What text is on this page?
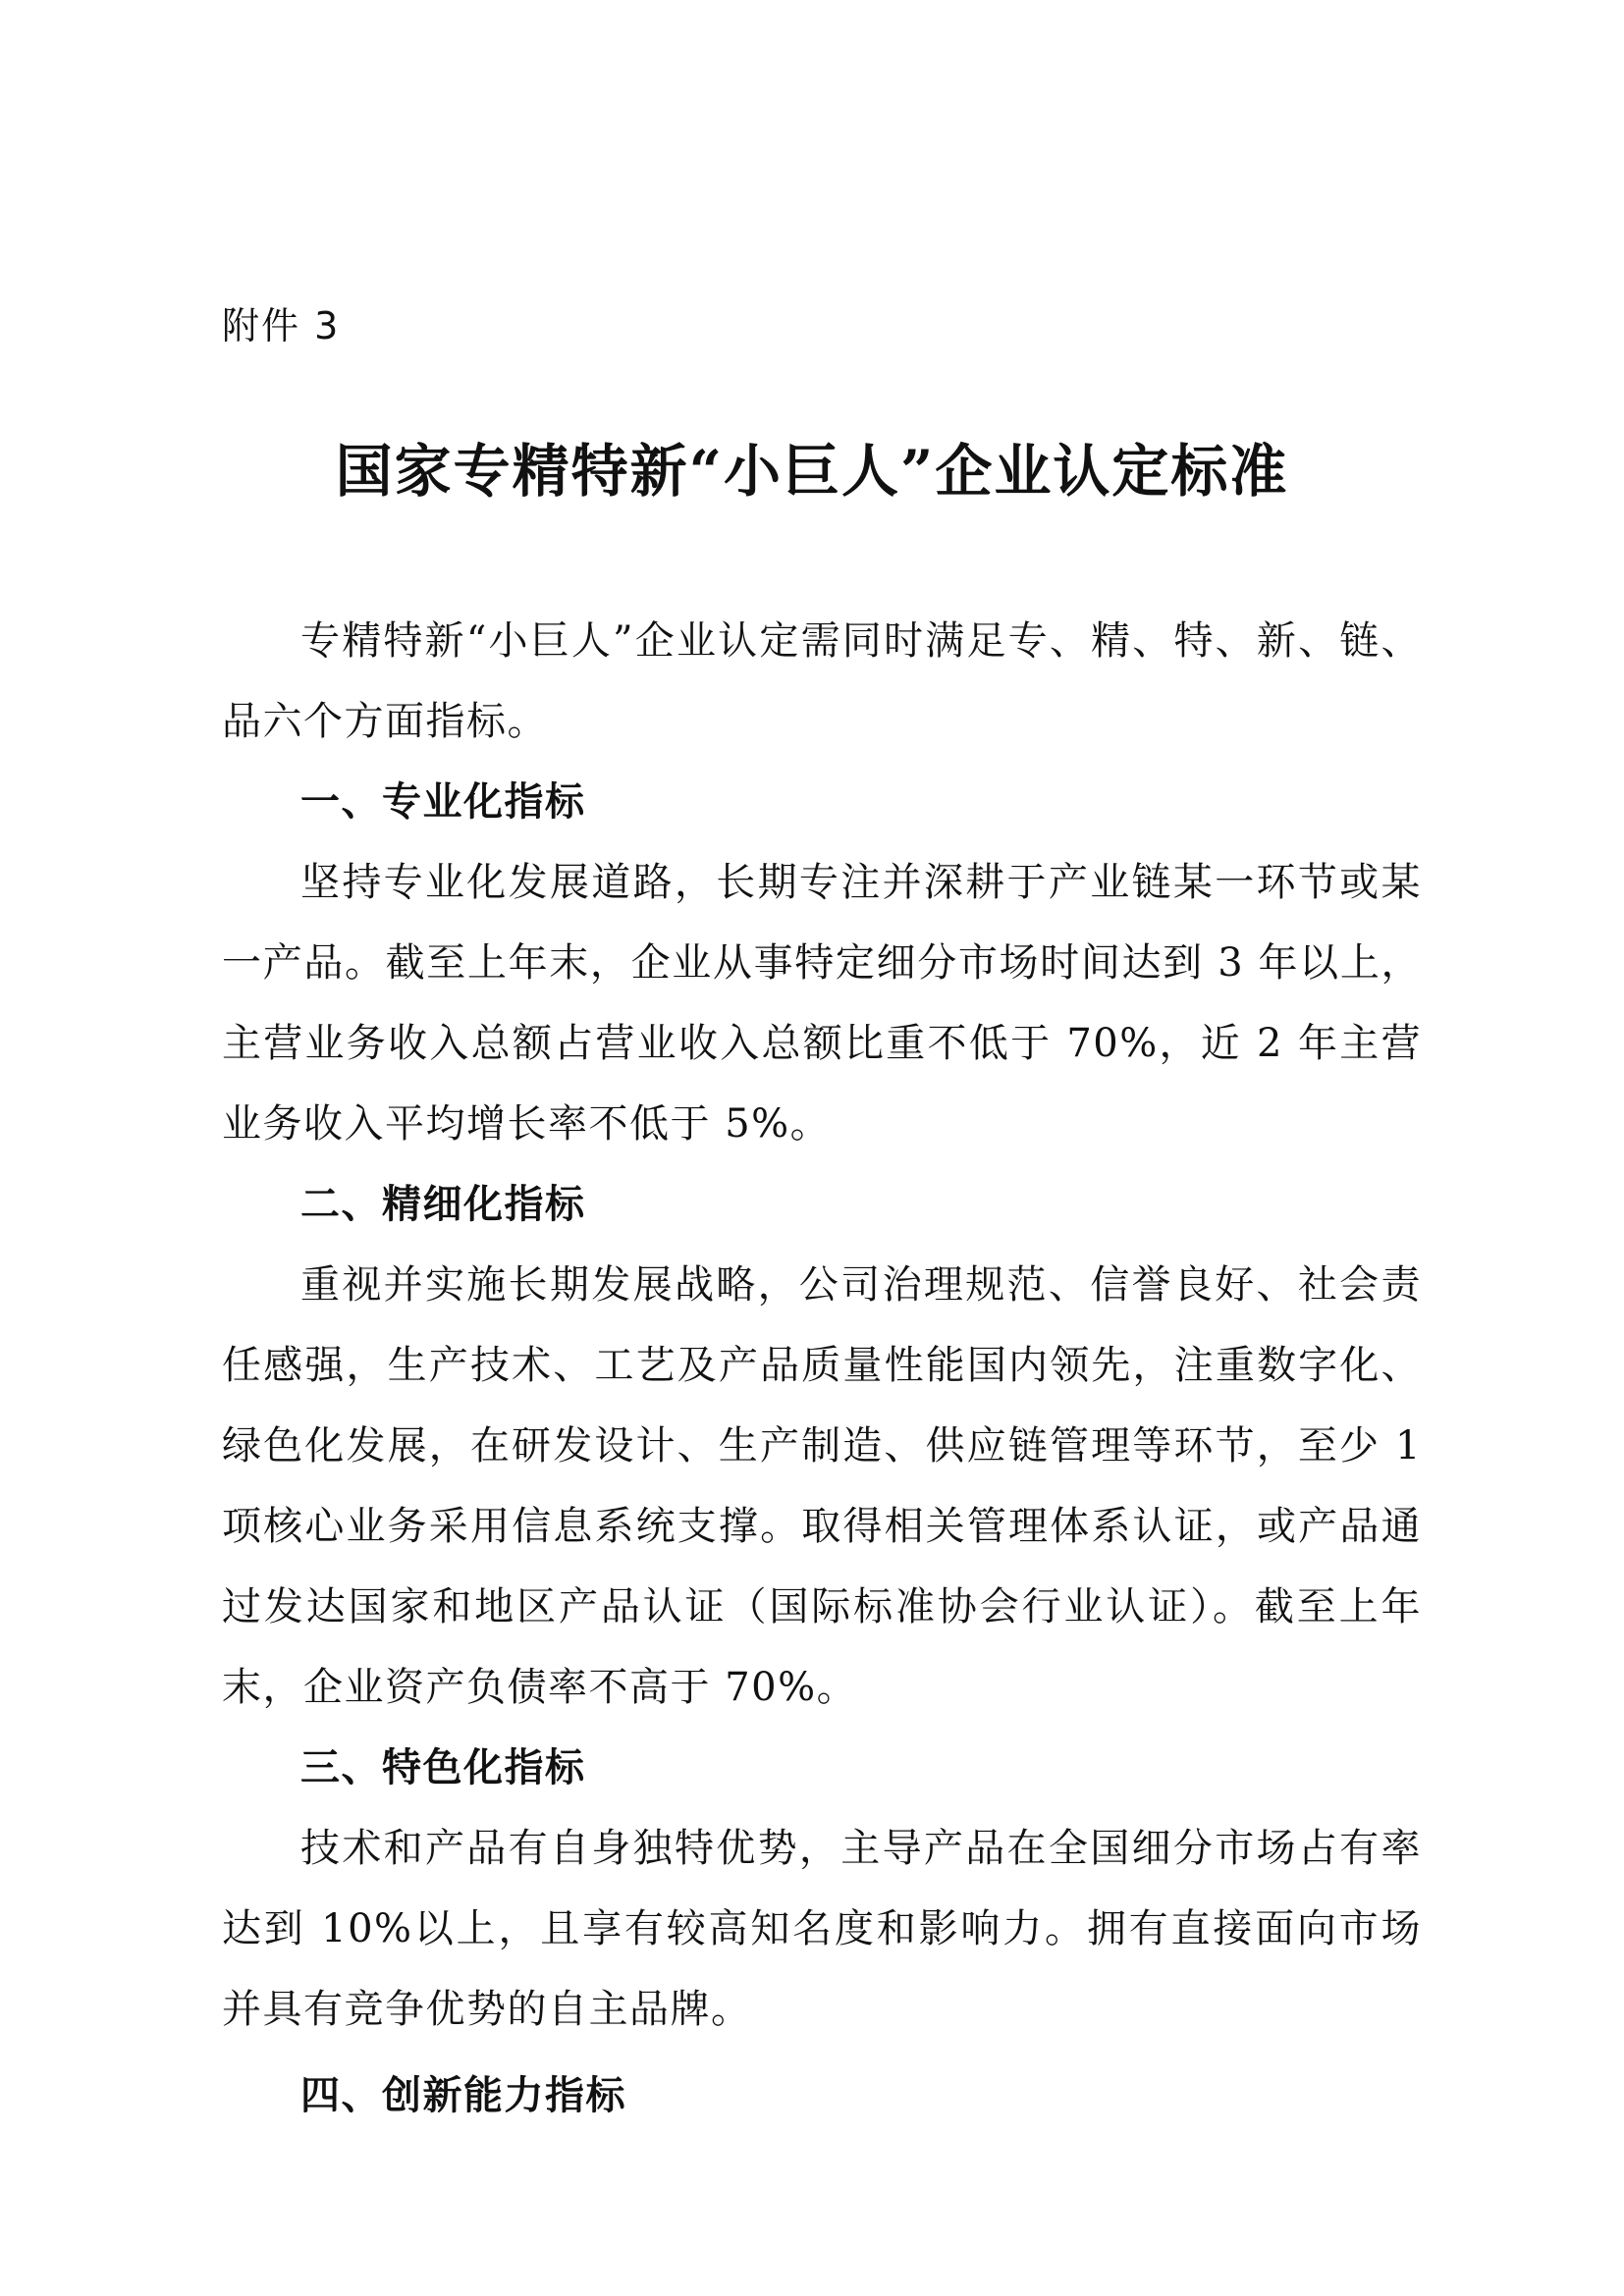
附件 3
国家专精特新“小巨人”企业认定标准

专精特新“小巨人”企业认定需同时满足专、精、特、新、链、品六个方面指标。

一、专业化指标

坚持专业化发展道路，长期专注并深耕于产业链某一环节或某一产品。截至上年末，企业从事特定细分市场时间达到 3 年以上，主营业务收入总额占营业收入总额比重不低于 70%，近 2 年主营业务收入平均增长率不低于 5%。

二、精细化指标

重视并实施长期发展战略，公司治理规范、信誉良好、社会责任感强，生产技术、工艺及产品质量性能国内领先，注重数字化、绿色化发展，在研发设计、生产制造、供应链管理等环节，至少 1 项核心业务采用信息系统支撑。取得相关管理体系认证，或产品通过发达国家和地区产品认证（国际标准协会行业认证）。截至上年末，企业资产负债率不高于 70%。

三、特色化指标

技术和产品有自身独特优势，主导产品在全国细分市场占有率达到 10%以上，且享有较高知名度和影响力。拥有直接面向市场并具有竞争优势的自主品牌。

四、创新能力指标
